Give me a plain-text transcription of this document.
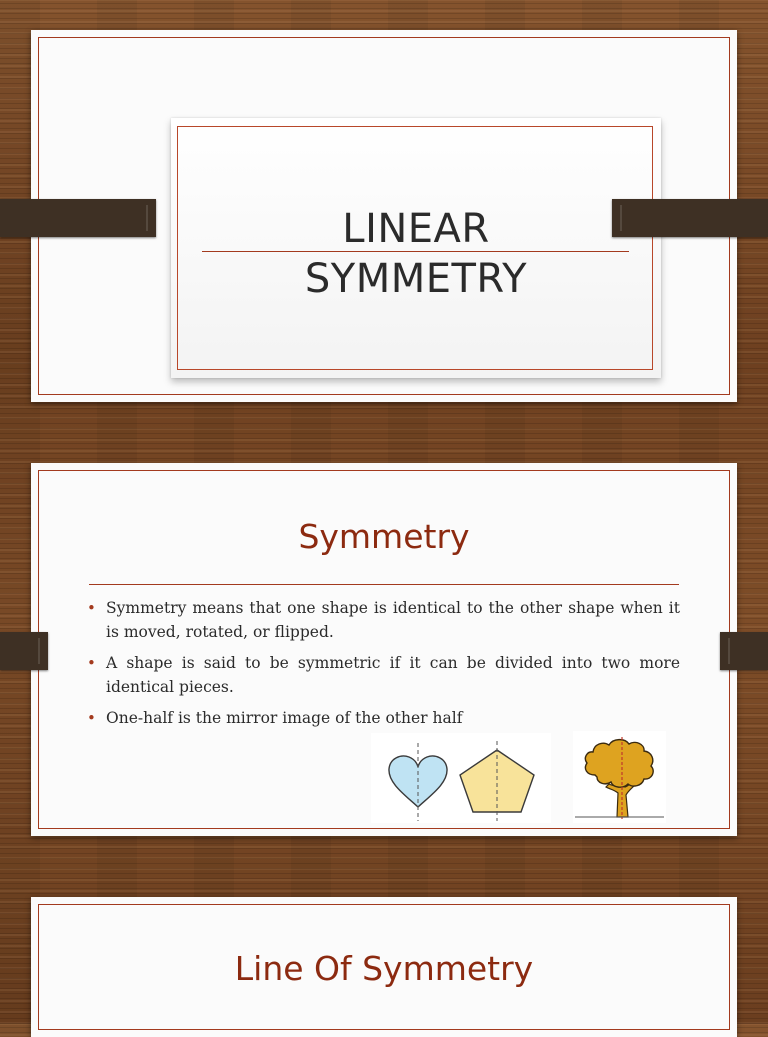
LINEAR
SYMMETRY
Symmetry
• Symmetry means that one shape is identical to the other shape when it is moved, rotated, or flipped.
• A shape is said to be symmetric if it can be divided into two more identical pieces.
• One-half is the mirror image of the other half
Line Of Symmetry
